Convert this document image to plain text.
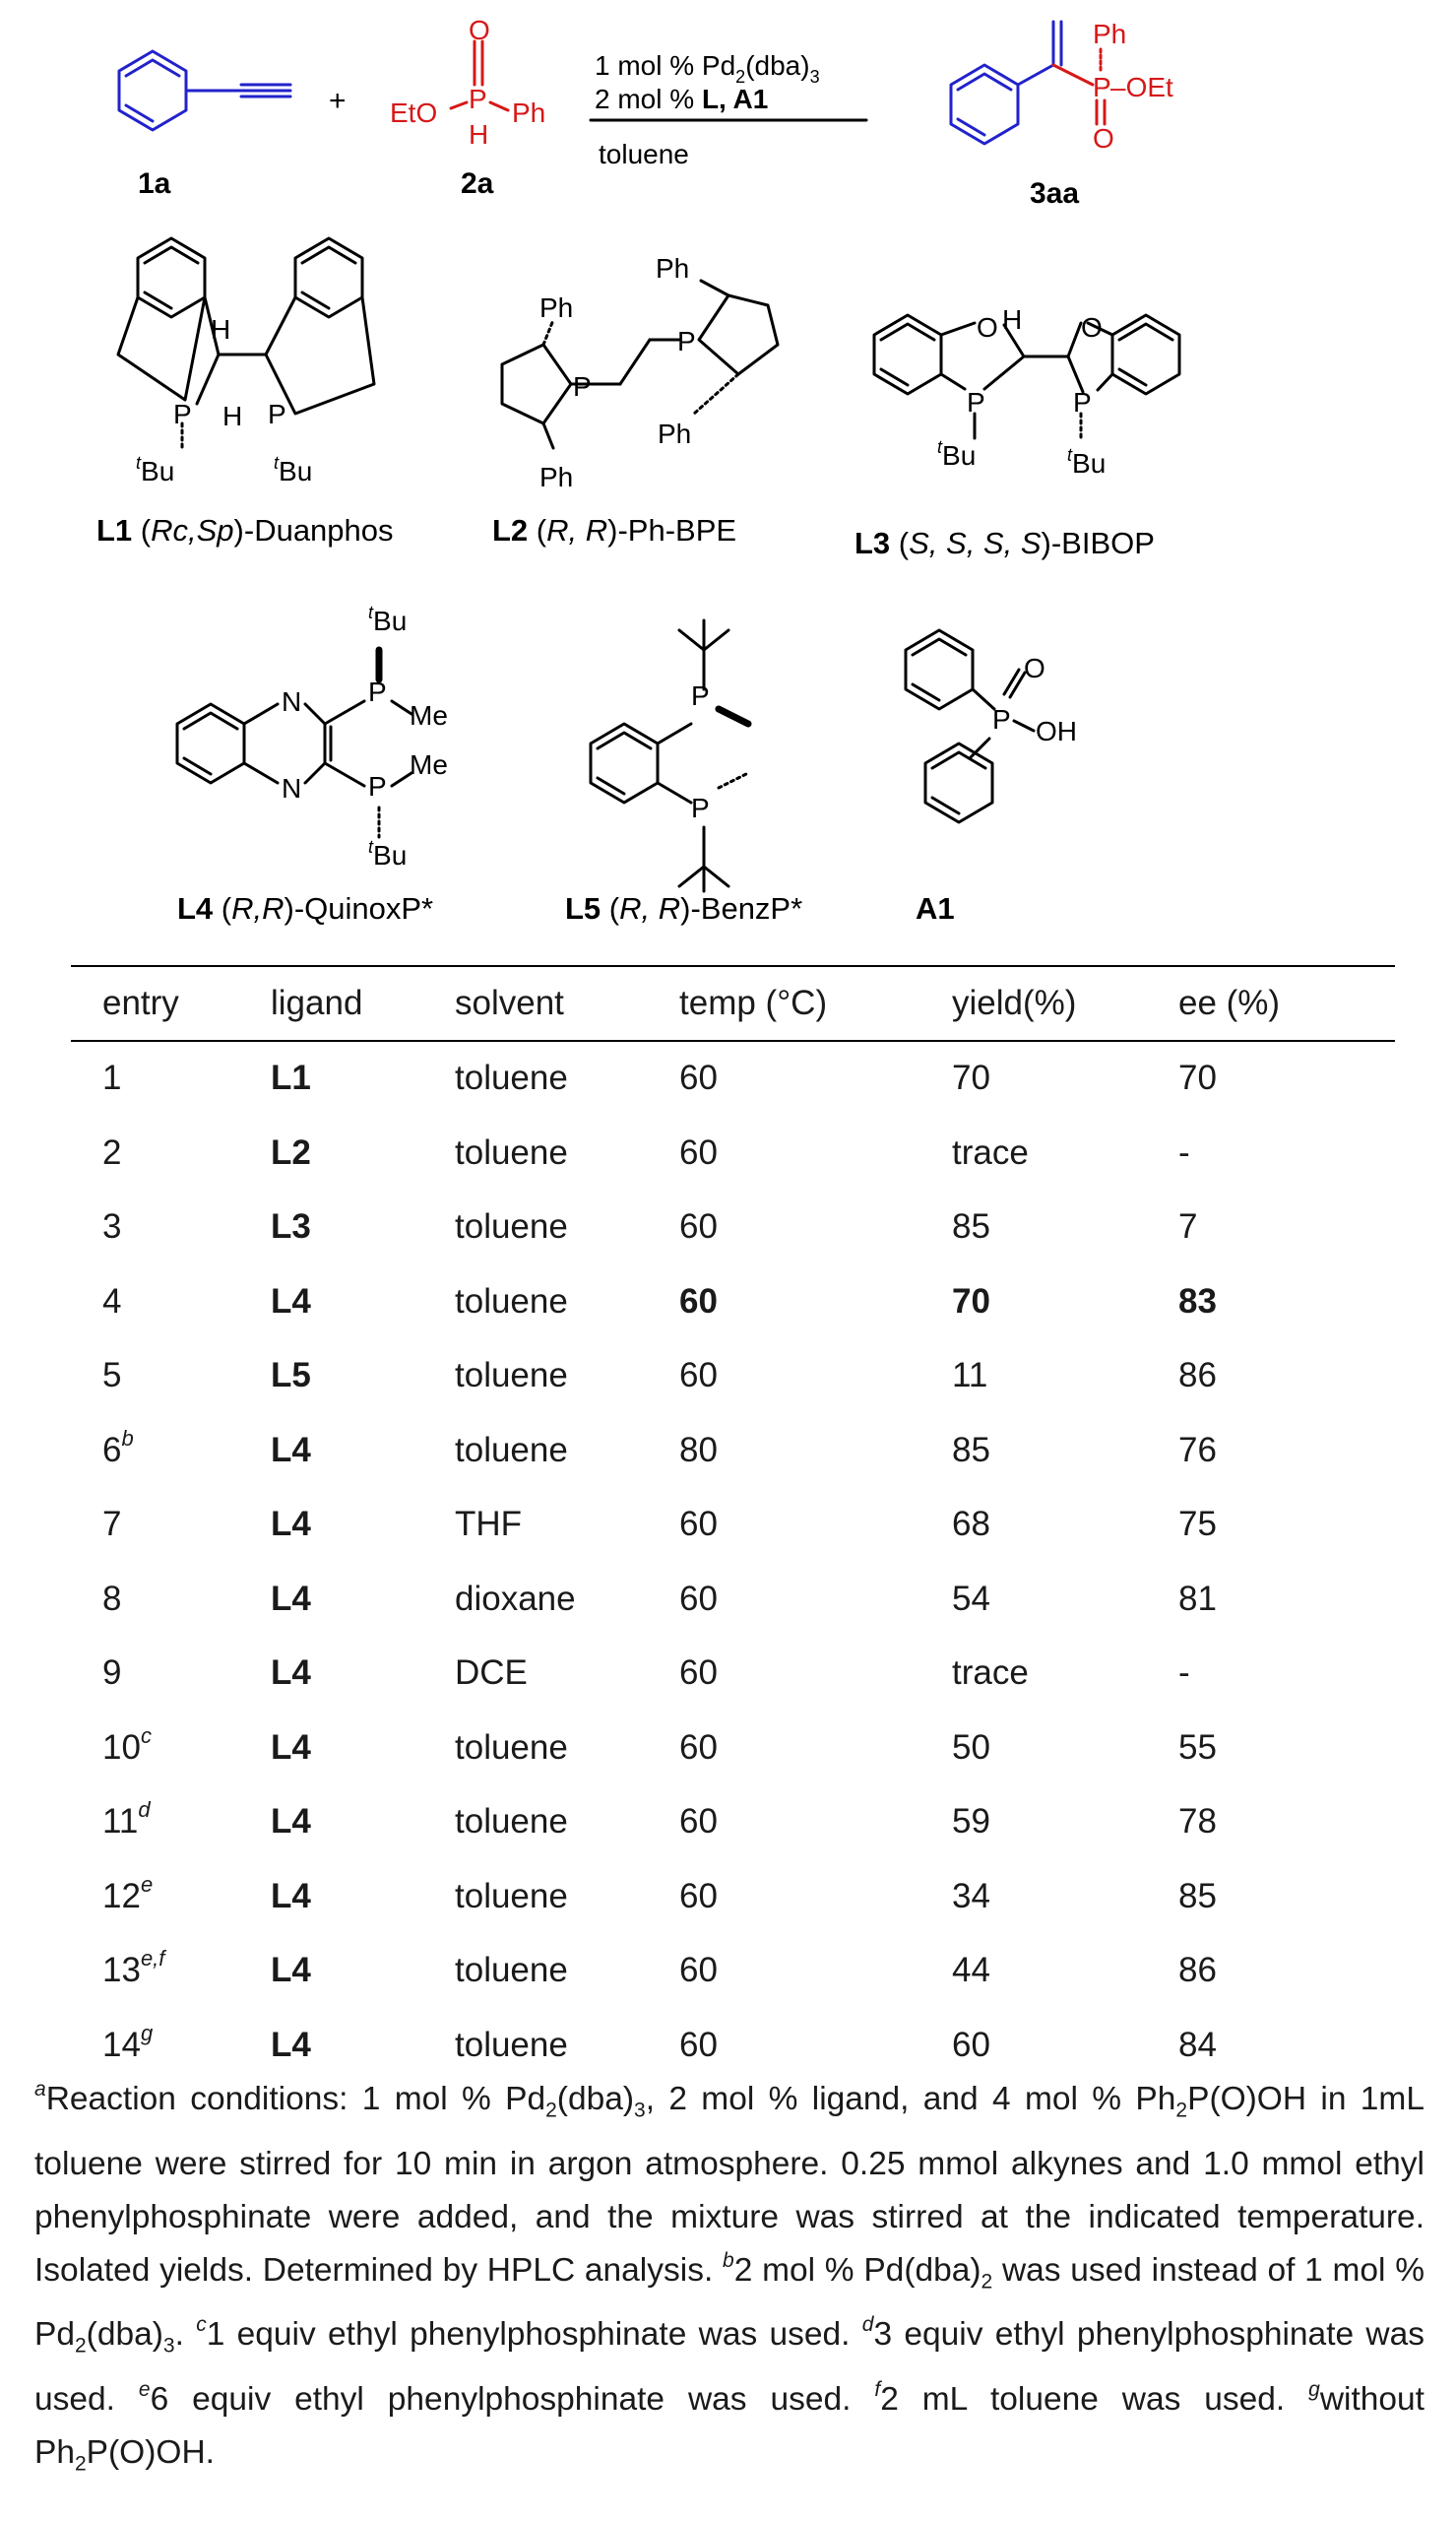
+
1a
O
EtO P Ph
H
2a
1 mol % $Pd_2(dba)_3$
2 mol % L, A1
toluene
Ph
P –OEt
O
3aa
H
H
P	P
$^t$Bu	$^t$Bu
L1 (Rc,Sp)-Duanphos
Ph
Ph
P
P
Ph
Ph
L2 (R, R)-Ph-BPE
O H O
P	P
$^t$Bu	$^t$Bu
L3 (S, S, S, S)-BIBOP
$^t$Bu
N P
Me
N P
Me
$^t$Bu
L4 (R,R)-QuinoxP*
P
P
L5 (R, R)-BenzP*
O
P OH
A1
entry	ligand	solvent	temp (°C)	yield(%)	ee (%)
1	L1	toluene	60	70	70
2	L2	toluene	60	trace	-
3	L3	toluene	60	85	7
4	L4	toluene	60	70	83
5	L5	toluene	60	11	86
6$^b$	L4	toluene	80	85	76
7	L4	THF	60	68	75
8	L4	dioxane	60	54	81
9	L4	DCE	60	trace	-
10$^c$	L4	toluene	60	50	55
11$^d$	L4	toluene	60	59	78
12e	L4	toluene	60	34	85
13$^{e,f}$	L4	toluene	60	44	86
14$^g$	L4	toluene	60	60	84

$^a$Reaction conditions: 1 mol % $Pd_2(dba)_3$, 2 mol % ligand, and 4 mol % $Ph_2P(O)OH$ in 1mL toluene were stirred for 10 min in argon atmosphere. 0.25 mmol alkynes and 1.0 mmol ethyl phenylphosphinate were added, and the mixture was stirred at the indicated temperature. Isolated yields. Determined by HPLC analysis. $^b$2 mol % $Pd(dba)_2$ was used instead of 1 mol % $Pd_2(dba)_3$. $^c$1 equiv ethyl phenylphosphinate was used. $^d$3 equiv ethyl phenylphosphinate was used. $^e$6 equiv ethyl phenylphosphinate was used. $^f$2 mL toluene was used. $^g$without $Ph_2P(O)OH$.
